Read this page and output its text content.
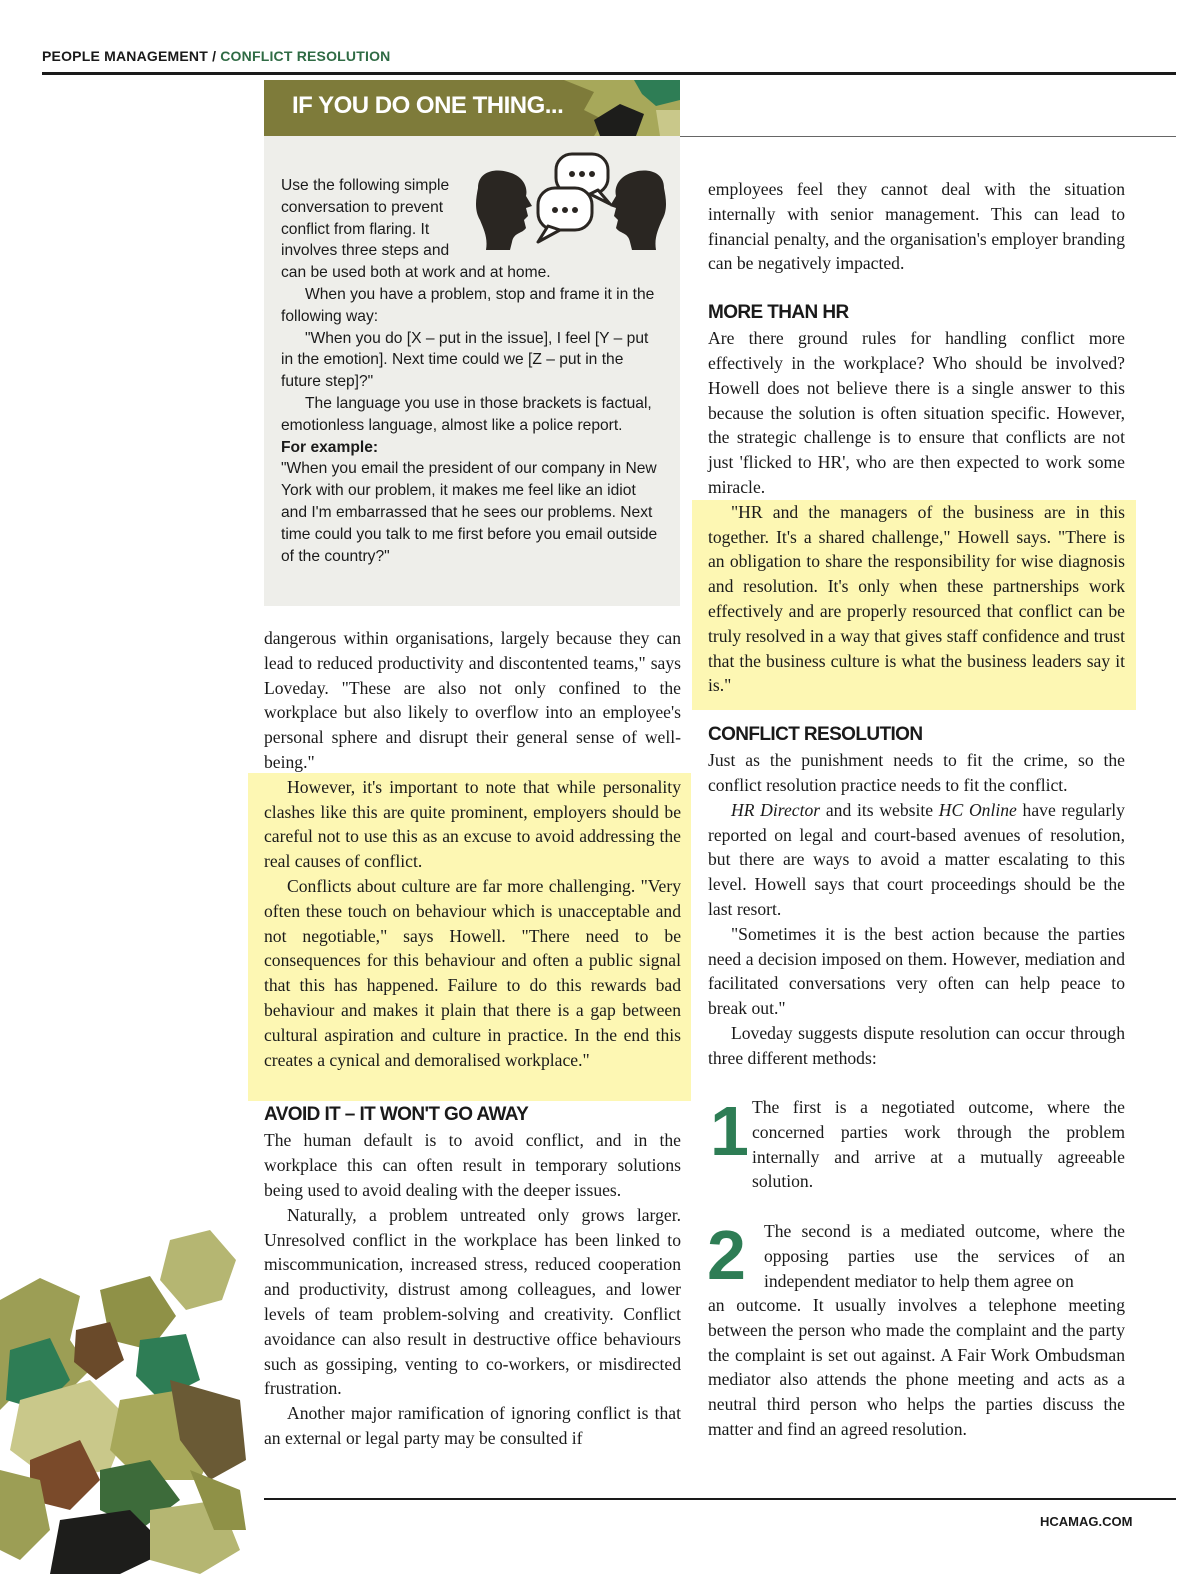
PEOPLE MANAGEMENT / CONFLICT RESOLUTION
IF YOU DO ONE THING...
Use the following simple
conversation to prevent
conflict from flaring. It
involves three steps and

can be used both at work and at home.

When you have a problem, stop and frame it in the following way:

"When you do [X – put in the issue], I feel [Y – put in the emotion]. Next time could we [Z – put in the future step]?"

The language you use in those brackets is factual, emotionless language, almost like a police report.

For example:

"When you email the president of our company in New York with our problem, it makes me feel like an idiot and I'm embarrassed that he sees our problems. Next time could you talk to me first before you email outside of the country?"

dangerous within organisations, largely because they can lead to reduced productivity and discontented teams," says Loveday. "These are also not only confined to the workplace but also likely to overflow into an employee's personal sphere and disrupt their general sense of well-being."

However, it's important to note that while personality clashes like this are quite prominent, employers should be careful not to use this as an excuse to avoid addressing the real causes of conflict.

Conflicts about culture are far more challenging. "Very often these touch on behaviour which is unacceptable and not negotiable," says Howell. "There need to be consequences for this behaviour and often a public signal that this has happened. Failure to do this rewards bad behaviour and makes it plain that there is a gap between cultural aspiration and culture in practice. In the end this creates a cynical and demoralised workplace."

AVOID IT – IT WON'T GO AWAY

The human default is to avoid conflict, and in the workplace this can often result in temporary solutions being used to avoid dealing with the deeper issues.

Naturally, a problem untreated only grows larger. Unresolved conflict in the workplace has been linked to miscommunication, increased stress, reduced cooperation and productivity, distrust among colleagues, and lower levels of team problem-solving and creativity. Conflict avoidance can also result in destructive office behaviours such as gossiping, venting to co-workers, or misdirected frustration.

Another major ramification of ignoring conflict is that an external or legal party may be consulted if

employees feel they cannot deal with the situation internally with senior management. This can lead to financial penalty, and the organisation's employer branding can be negatively impacted.

MORE THAN HR

Are there ground rules for handling conflict more effectively in the workplace? Who should be involved? Howell does not believe there is a single answer to this because the solution is often situation specific. However, the strategic challenge is to ensure that conflicts are not just 'flicked to HR', who are then expected to work some miracle.

"HR and the managers of the business are in this together. It's a shared challenge," Howell says. "There is an obligation to share the responsibility for wise diagnosis and resolution. It's only when these partnerships work effectively and are properly resourced that conflict can be truly resolved in a way that gives staff confidence and trust that the business culture is what the business leaders say it is."

CONFLICT RESOLUTION

Just as the punishment needs to fit the crime, so the conflict resolution practice needs to fit the conflict.

HR Director and its website HC Online have regularly reported on legal and court-based avenues of resolution, but there are ways to avoid a matter escalating to this level. Howell says that court proceedings should be the last resort.

"Sometimes it is the best action because the parties need a decision imposed on them. However, mediation and facilitated conversations very often can help peace to break out."

Loveday suggests dispute resolution can occur through three different methods:

1 The first is a negotiated outcome, where the concerned parties work through the problem internally and arrive at a mutually agreeable solution.

2 The second is a mediated outcome, where the opposing parties use the services of an independent mediator to help them agree on

an outcome. It usually involves a telephone meeting between the person who made the complaint and the party the complaint is set out against. A Fair Work Ombudsman mediator also attends the phone meeting and acts as a neutral third person who helps the parties discuss the matter and find an agreed resolution.

HCAMAG.COM
